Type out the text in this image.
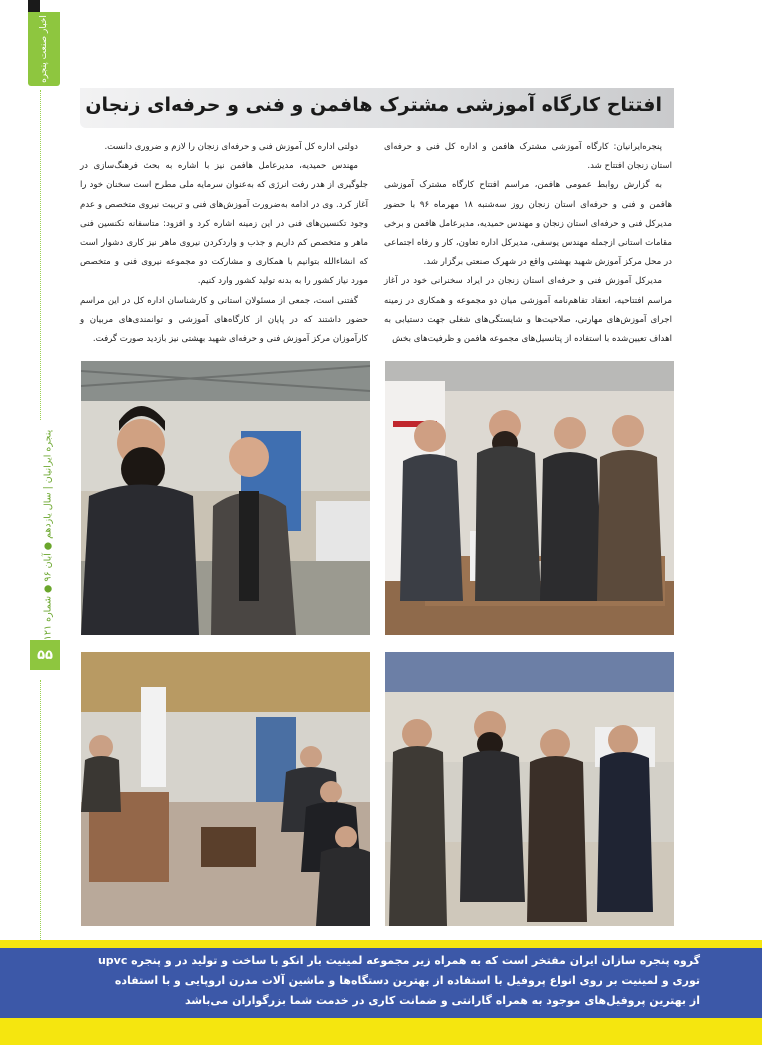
اخبار صنعت پنجره
پنجره ایرانیان | سال یازدهم ● آبان ۹۶ ● شماره ۱۲۱
۵۵
افتتاح کارگاه آموزشی مشترک هافمن و فنی و حرفه‌ای زنجان

پنجره‌ایرانیان: کارگاه آموزشی مشترک هافمن و اداره کل فنی و حرفه‌ای استان زنجان افتتاح شد.

به گزارش روابط عمومی هافمن، مراسم افتتاح کارگاه مشترک آموزشی هافمن و فنی و حرفه‌ای استان زنجان روز سه‌شنبه ۱۸ مهرماه ۹۶ با حضور مدیرکل فنی و حرفه‌ای استان زنجان و مهندس حمیدیه، مدیرعامل هافمن و برخی مقامات استانی ازجمله مهندس یوسفی، مدیرکل اداره تعاون، کار و رفاه اجتماعی در محل مرکز آموزش شهید بهشتی واقع در شهرک صنعتی برگزار شد.

مدیرکل آموزش فنی و حرفه‌ای استان زنجان در ایراد سخنرانی خود در آغاز مراسم افتتاحیه، انعقاد تفاهم‌نامه آموزشی میان دو مجموعه و همکاری در زمینه اجرای آموزش‌های مهارتی، صلاحیت‌ها و شایستگی‌های شغلی جهت دستیابی به اهداف تعیین‌شده با استفاده از پتانسیل‌های مجموعه هافمن و ظرفیت‌های بخش

دولتی اداره کل آموزش فنی و حرفه‌ای زنجان را لازم و ضروری دانست.

مهندس حمیدیه، مدیرعامل هافمن نیز با اشاره به بحث فرهنگ‌سازی در جلوگیری از هدر رفت انرژی که به‌عنوان سرمایه ملی مطرح است سخنان خود را آغاز کرد. وی در ادامه به‌ضرورت آموزش‌های فنی و تربیت نیروی متخصص و عدم وجود تکنسین‌های فنی در این زمینه اشاره کرد و افزود: متاسفانه تکنسین فنی ماهر و متخصص کم داریم و جذب و واردکردن نیروی ماهر نیز کاری دشوار است که انشاءالله بتوانیم با همکاری و مشارکت دو مجموعه نیروی فنی و متخصص مورد نیاز کشور را به بدنه تولید کشور وارد کنیم.

گفتنی است، جمعی از مسئولان استانی و کارشناسان اداره کل در این مراسم حضور داشتند که در پایان از کارگاه‌های آموزشی و توانمندی‌های مربیان و کارآموزان مرکز آموزش فنی و حرفه‌ای شهید بهشتی نیز بازدید صورت گرفت.

گروه پنجره سازان ایران مفتخر است که به همراه زیر مجموعه لمینیت بار انکو با ساخت و تولید در و پنجره upvc
توری و لمینیت بر روی انواع پروفیل با استفاده از بهترین دستگاه‌ها و ماشین آلات مدرن اروپایی و با استفاده
از بهترین پروفیل‌های موجود به همراه گارانتی و ضمانت کاری در خدمت شما بزرگواران می‌باشد
